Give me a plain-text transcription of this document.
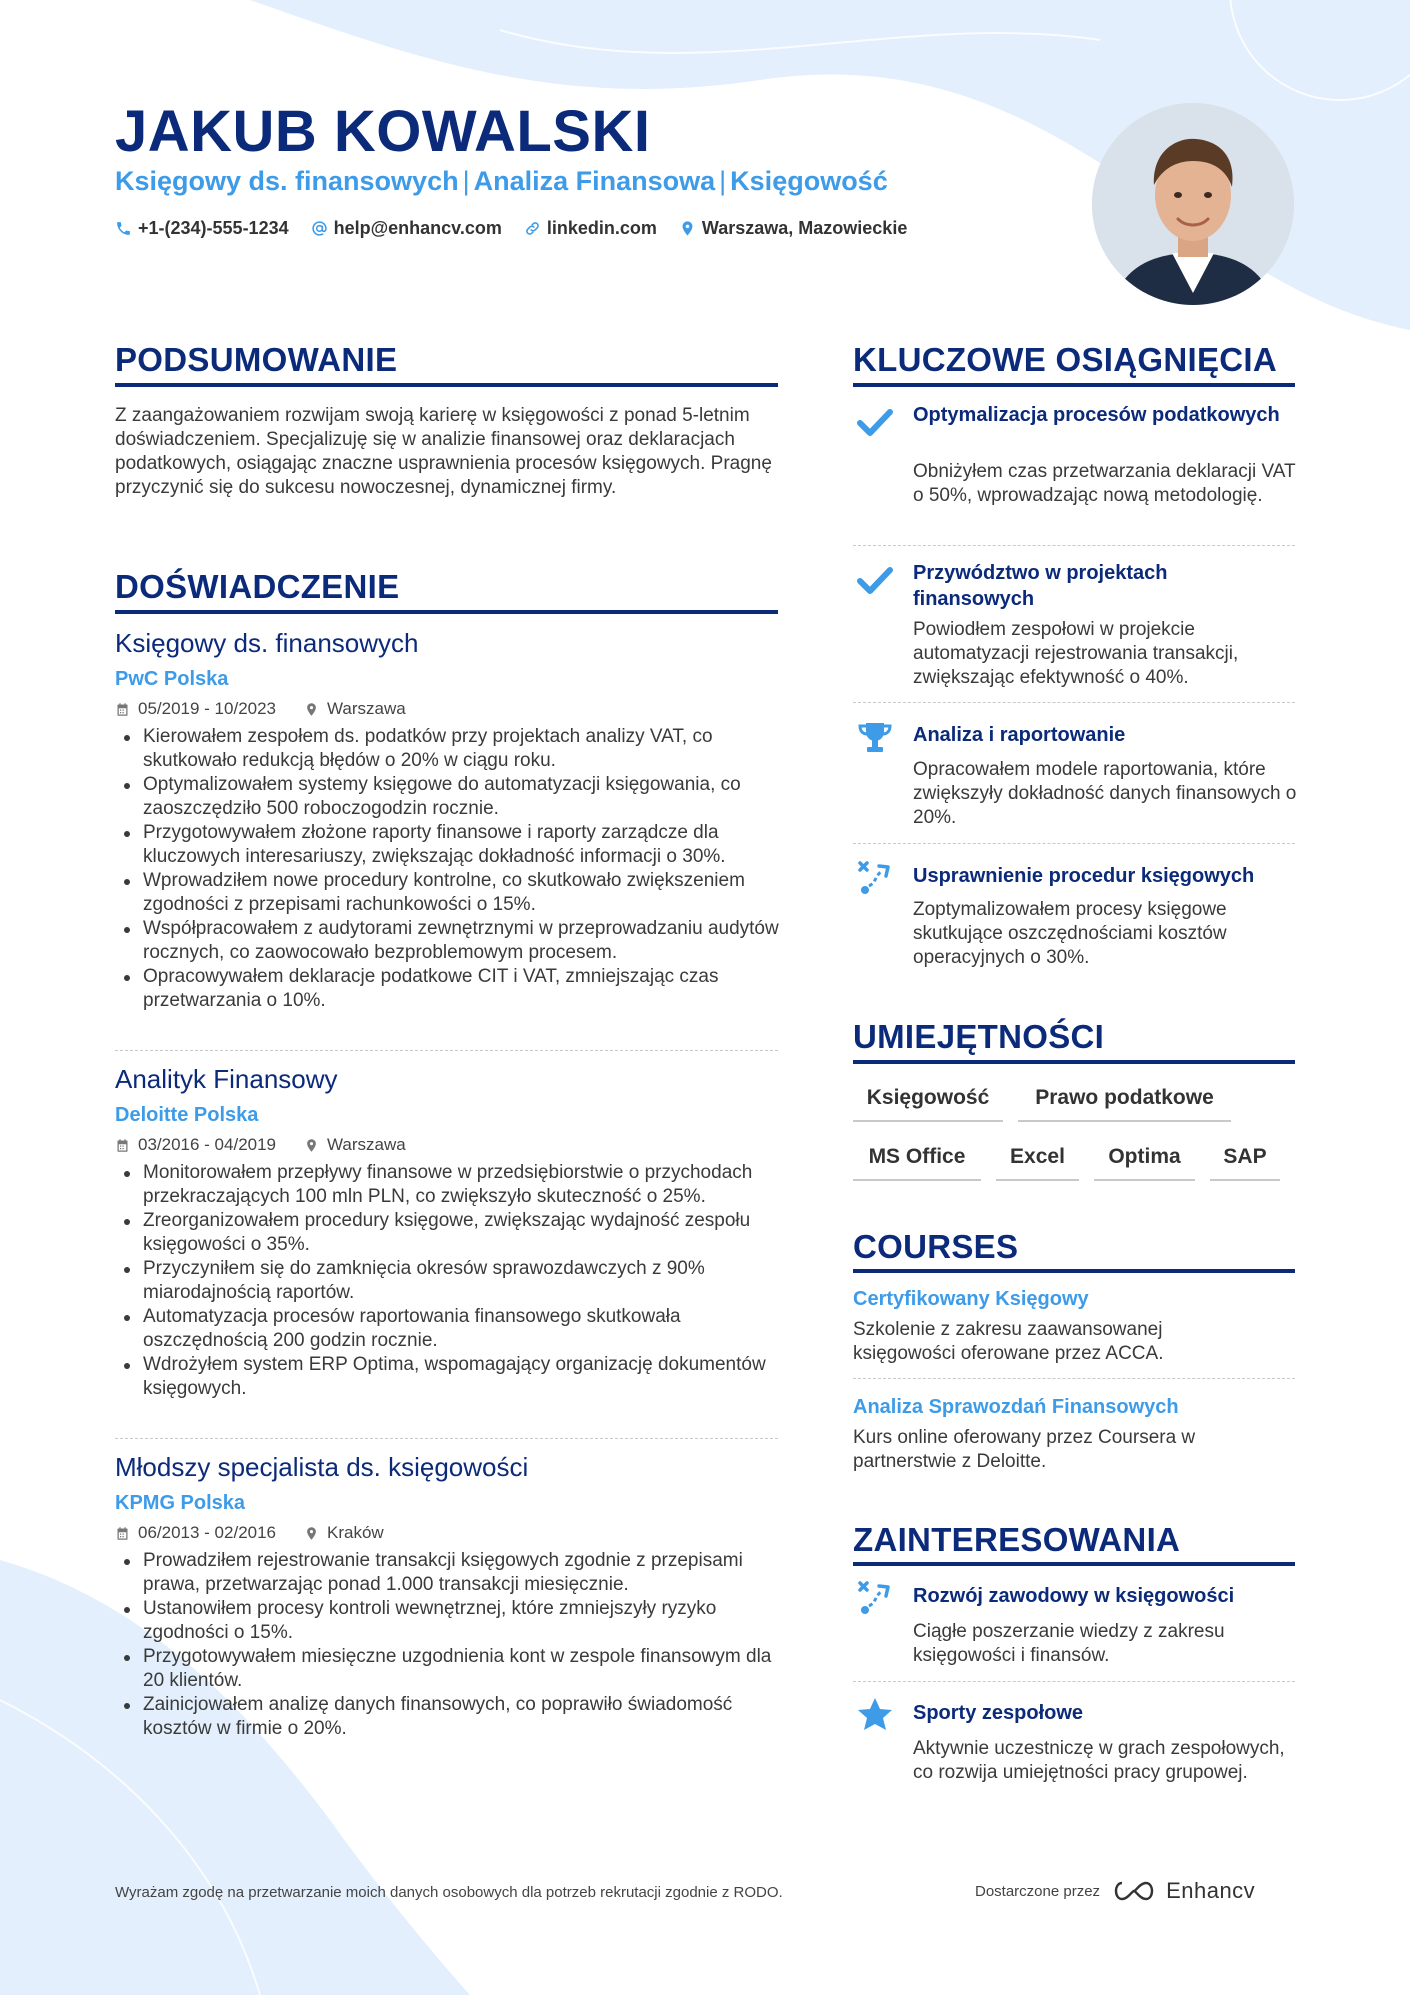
JAKUB KOWALSKI
Księgowy ds. finansowych | Analiza Finansowa | Księgowość
+1-(234)-555-1234	help@enhancv.com	linkedin.com	Warszawa, Mazowieckie
PODSUMOWANIE
Z zaangażowaniem rozwijam swoją karierę w księgowości z ponad 5-letnim doświadczeniem. Specjalizuję się w analizie finansowej oraz deklaracjach podatkowych, osiągając znaczne usprawnienia procesów księgowych. Pragnę przyczynić się do sukcesu nowoczesnej, dynamicznej firmy.
DOŚWIADCZENIE
Księgowy ds. finansowych
PwC Polska
05/2019 - 10/2023	Warszawa
Kierowałem zespołem ds. podatków przy projektach analizy VAT, co skutkowało redukcją błędów o 20% w ciągu roku.
Optymalizowałem systemy księgowe do automatyzacji księgowania, co zaoszczędziło 500 roboczogodzin rocznie.
Przygotowywałem złożone raporty finansowe i raporty zarządcze dla kluczowych interesariuszy, zwiększając dokładność informacji o 30%.
Wprowadziłem nowe procedury kontrolne, co skutkowało zwiększeniem zgodności z przepisami rachunkowości o 15%.
Współpracowałem z audytorami zewnętrznymi w przeprowadzaniu audytów rocznych, co zaowocowało bezproblemowym procesem.
Opracowywałem deklaracje podatkowe CIT i VAT, zmniejszając czas przetwarzania o 10%.
Analityk Finansowy
Deloitte Polska
03/2016 - 04/2019	Warszawa
Monitorowałem przepływy finansowe w przedsiębiorstwie o przychodach przekraczających 100 mln PLN, co zwiększyło skuteczność o 25%.
Zreorganizowałem procedury księgowe, zwiększając wydajność zespołu księgowości o 35%.
Przyczyniłem się do zamknięcia okresów sprawozdawczych z 90% miarodajnością raportów.
Automatyzacja procesów raportowania finansowego skutkowała oszczędnością 200 godzin rocznie.
Wdrożyłem system ERP Optima, wspomagający organizację dokumentów księgowych.
Młodszy specjalista ds. księgowości
KPMG Polska
06/2013 - 02/2016	Kraków
Prowadziłem rejestrowanie transakcji księgowych zgodnie z przepisami prawa, przetwarzając ponad 1.000 transakcji miesięcznie.
Ustanowiłem procesy kontroli wewnętrznej, które zmniejszyły ryzyko zgodności o 15%.
Przygotowywałem miesięczne uzgodnienia kont w zespole finansowym dla 20 klientów.
Zainicjowałem analizę danych finansowych, co poprawiło świadomość kosztów w firmie o 20%.
KLUCZOWE OSIĄGNIĘCIA
Optymalizacja procesów podatkowych
Obniżyłem czas przetwarzania deklaracji VAT o 50%, wprowadzając nową metodologię.
Przywództwo w projektach finansowych
Powiodłem zespołowi w projekcie automatyzacji rejestrowania transakcji, zwiększając efektywność o 40%.
Analiza i raportowanie
Opracowałem modele raportowania, które zwiększyły dokładność danych finansowych o 20%.
Usprawnienie procedur księgowych
Zoptymalizowałem procesy księgowe skutkujące oszczędnościami kosztów operacyjnych o 30%.
UMIEJĘTNOŚCI
Księgowość	Prawo podatkowe
MS Office	Excel	Optima	SAP
COURSES
Certyfikowany Księgowy
Szkolenie z zakresu zaawansowanej księgowości oferowane przez ACCA.
Analiza Sprawozdań Finansowych
Kurs online oferowany przez Coursera w partnerstwie z Deloitte.
ZAINTERESOWANIA
Rozwój zawodowy w księgowości
Ciągłe poszerzanie wiedzy z zakresu księgowości i finansów.
Sporty zespołowe
Aktywnie uczestniczę w grach zespołowych, co rozwija umiejętności pracy grupowej.
Wyrażam zgodę na przetwarzanie moich danych osobowych dla potrzeb rekrutacji zgodnie z RODO.	Dostarczone przez	Enhancv
